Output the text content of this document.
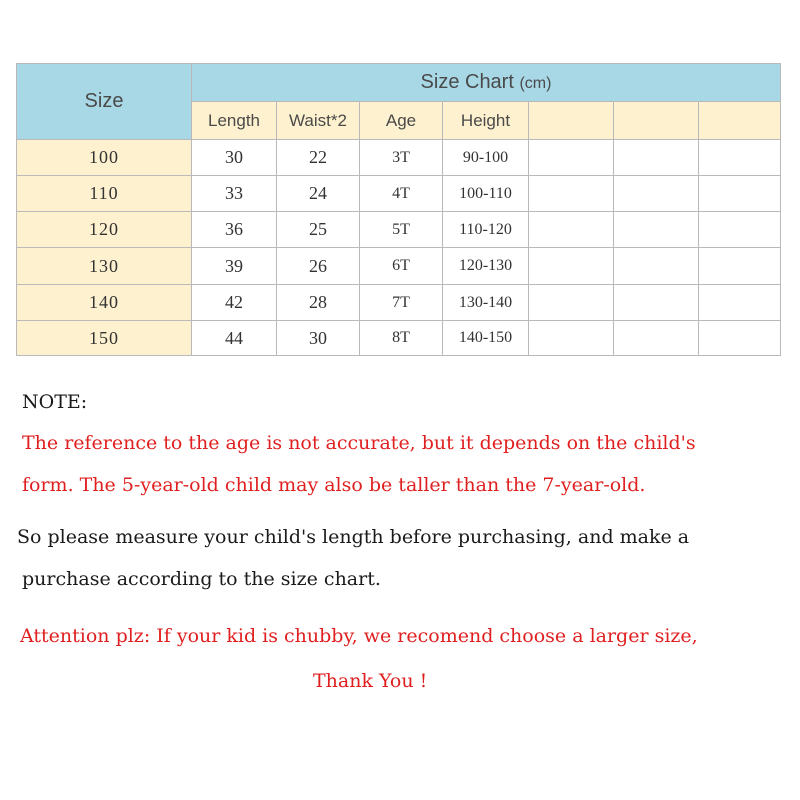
Size	Size Chart (cm)						
	Length	Waist*2	Age	Height			
100	30	22	3T	90-100			
110	33	24	4T	100-110			
120	36	25	5T	110-120			
130	39	26	6T	120-130			
140	42	28	7T	130-140			
150	44	30	8T	140-150			
NOTE:
The reference to the age is not accurate, but it depends on the child's
form. The 5-year-old child may also be taller than the 7-year-old.
So please measure your child's length before purchasing, and make a
purchase according to the size chart.
Attention plz: If your kid is chubby, we recomend choose a larger size,
Thank You !
